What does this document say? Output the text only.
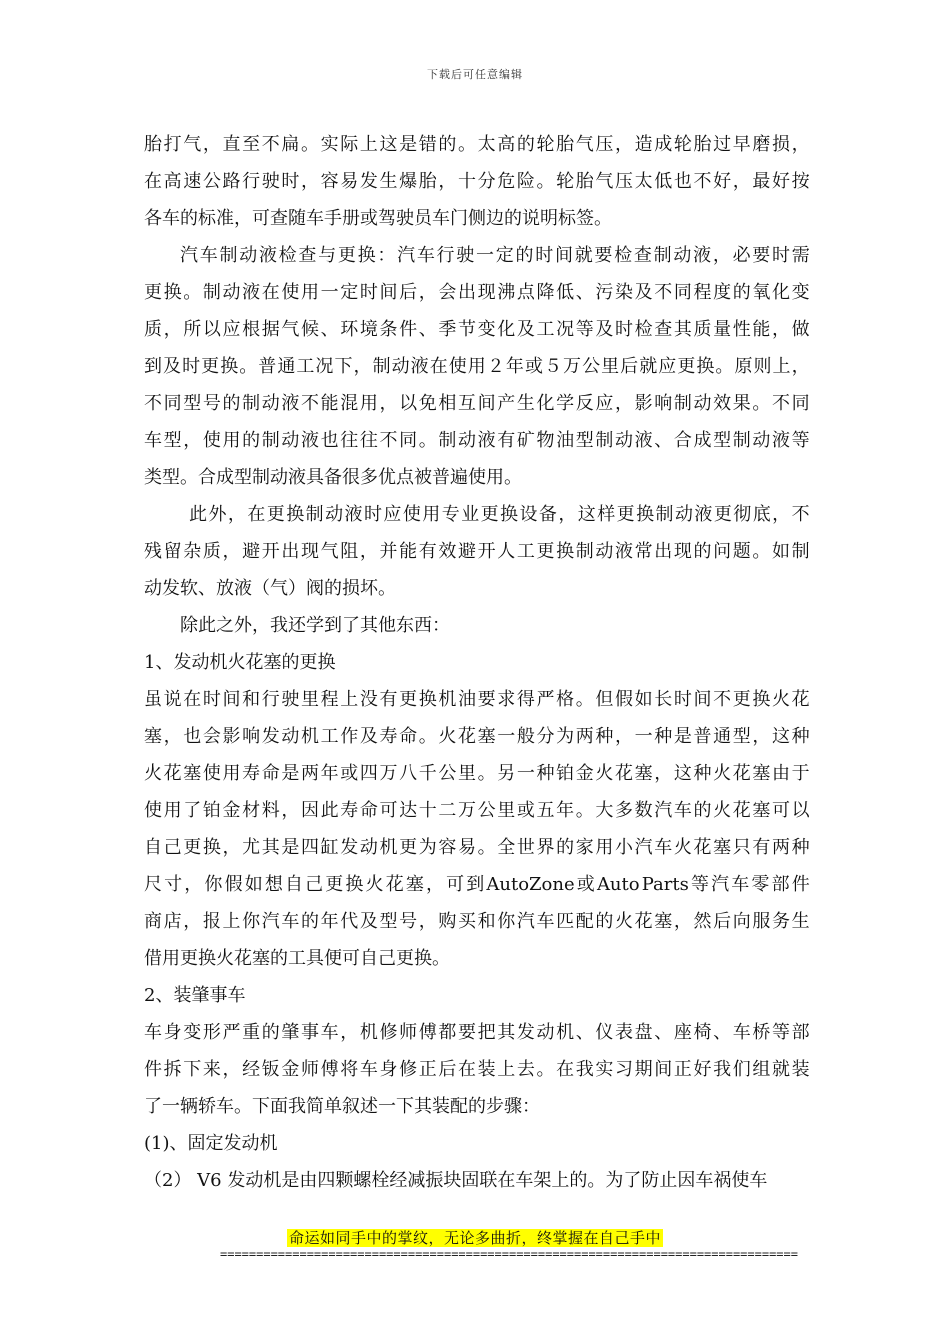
下载后可任意编辑
胎 打 气 ， 直 至 不 扁 。 实 际 上 这 是 错 的 。 太 高 的 轮 胎 气 压 ， 造 成 轮 胎 过 早 磨 损 ，
在 高 速 公 路 行 驶 时 ， 容 易 发 生 爆 胎 ， 十 分 危 险 。 轮 胎 气 压 太 低 也 不 好 ， 最 好 按
各车的标准，可查随车手册或驾驶员车门侧边的说明标签。
汽 车 制 动 液 检 查 与 更 换 ： 汽 车 行 驶 一 定 的 时 间 就 要 检 查 制 动 液 ， 必 要 时 需
更 换 。 制 动 液 在 使 用 一 定 时 间 后 ， 会 出 现 沸 点 降 低 、 污 染 及 不 同 程 度 的 氧 化 变
质 ， 所 以 应 根 据 气 候 、 环 境 条 件 、 季 节 变 化 及 工 况 等 及 时 检 查 其 质 量 性 能 ， 做
到 及 时 更 换 。 普 通 工 况 下 ， 制 动 液 在 使 用 ２ 年 或 ５ 万 公 里 后 就 应 更 换 。 原 则 上 ，
不 同 型 号 的 制 动 液 不 能 混 用 ， 以 免 相 互 间 产 生 化 学 反 应 ， 影 响 制 动 效 果 。 不 同
车 型 ， 使 用 的 制 动 液 也 往 往 不 同 。 制 动 液 有 矿 物 油 型 制 动 液 、 合 成 型 制 动 液 等
类型。合成型制动液具备很多优点被普遍使用。
此 外 ， 在 更 换 制 动 液 时 应 使 用 专 业 更 换 设 备 ， 这 样 更 换 制 动 液 更 彻 底 ， 不
残 留 杂 质 ， 避 开 出 现 气 阻 ， 并 能 有 效 避 开 人 工 更 换 制 动 液 常 出 现 的 问 题 。 如 制
动发软、放液（气）阀的损坏。
除此之外，我还学到了其他东西：
1、发动机火花塞的更换
虽 说 在 时 间 和 行 驶 里 程 上 没 有 更 换 机 油 要 求 得 严 格 。 但 假 如 长 时 间 不 更 换 火 花
塞 ， 也 会 影 响 发 动 机 工 作 及 寿 命 。 火 花 塞 一 般 分 为 两 种 ， 一 种 是 普 通 型 ， 这 种
火 花 塞 使 用 寿 命 是 两 年 或 四 万 八 千 公 里 。 另 一 种 铂 金 火 花 塞 ， 这 种 火 花 塞 由 于
使 用 了 铂 金 材 料 ， 因 此 寿 命 可 达 十 二 万 公 里 或 五 年 。 大 多 数 汽 车 的 火 花 塞 可 以
自 己 更 换 ， 尤 其 是 四 缸 发 动 机 更 为 容 易 。 全 世 界 的 家 用 小 汽 车 火 花 塞 只 有 两 种
尺 寸 ， 你 假 如 想 自 己 更 换 火 花 塞 ， 可 到 AutoZone 或 Auto Parts 等 汽 车 零 部 件
商 店 ， 报 上 你 汽 车 的 年 代 及 型 号 ， 购 买 和 你 汽 车 匹 配 的 火 花 塞 ， 然 后 向 服 务 生
借用更换火花塞的工具便可自己更换。
2、装肇事车
车 身 变 形 严 重 的 肇 事 车 ， 机 修 师 傅 都 要 把 其 发 动 机 、 仪 表 盘 、 座 椅 、 车 桥 等 部
件 拆 下 来 ， 经 钣 金 师 傅 将 车 身 修 正 后 在 装 上 去 。 在 我 实 习 期 间 正 好 我 们 组 就 装
了一辆轿车。下面我简单叙述一下其装配的步骤：
(1)、固定发动机
（2） V6 发动机是由四颗螺栓经减振块固联在车架上的。为了防止因车祸使车
命运如同手中的掌纹，无论多曲折，终掌握在自己手中
================================================================================
